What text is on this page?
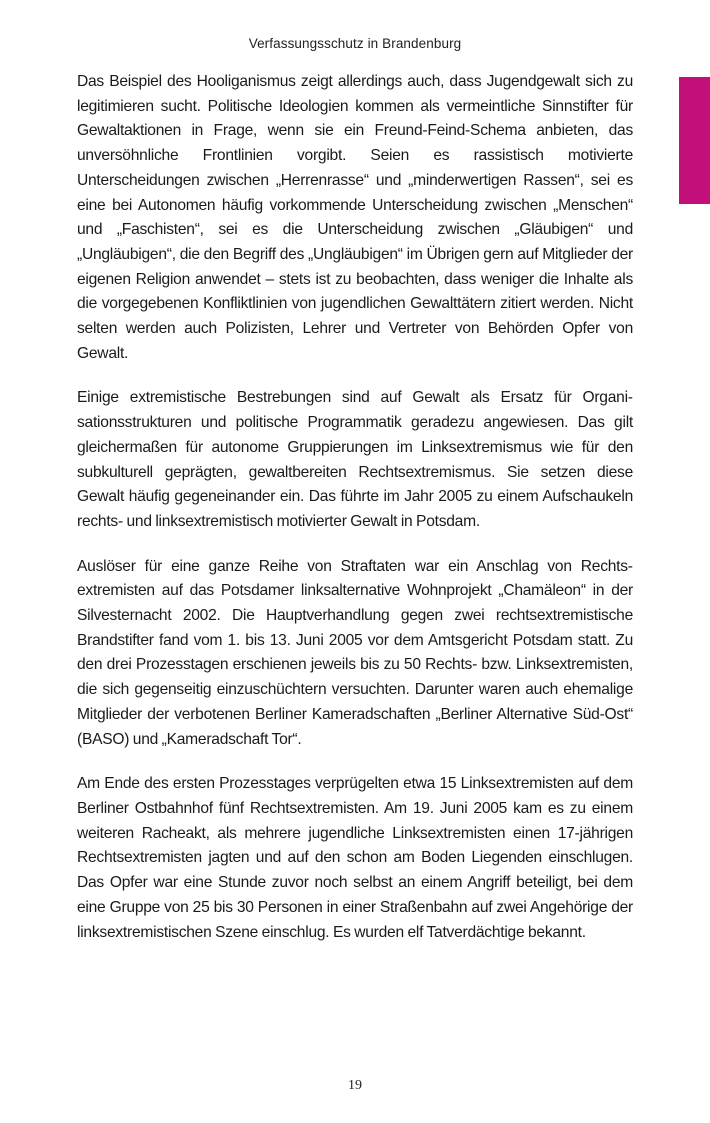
Verfassungsschutz in Brandenburg

Das Beispiel des Hooliganismus zeigt allerdings auch, dass Jugendgewalt sich zu legitimieren sucht. Politische Ideologien kommen als vermeintliche Sinnstifter für Gewaltaktionen in Frage, wenn sie ein Freund-Feind-Schema anbieten, das unversöhnliche Frontlinien vorgibt. Seien es rassistisch motivierte Unterscheidungen zwischen „Herrenrasse“ und „minderwertigen Rassen“, sei es eine bei Autonomen häufig vorkommende Unterscheidung zwischen „Menschen“ und „Faschisten“, sei es die Unterscheidung zwischen „Gläubigen“ und „Ungläubigen“, die den Begriff des „Ungläubigen“ im Übrigen gern auf Mitglieder der eigenen Religion anwendet – stets ist zu beobachten, dass weniger die Inhalte als die vorgegebenen Konfliktlinien von jugendlichen Gewalttätern zitiert werden. Nicht selten werden auch Polizisten, Lehrer und Vertreter von Behörden Opfer von Gewalt.

Einige extremistische Bestrebungen sind auf Gewalt als Ersatz für Organisationsstrukturen und politische Programmatik geradezu angewiesen. Das gilt gleichermaßen für autonome Gruppierungen im Linksextremismus wie für den subkulturell geprägten, gewaltbereiten Rechtsextremismus. Sie setzen diese Gewalt häufig gegeneinander ein. Das führte im Jahr 2005 zu einem Aufschaukeln rechts- und linksextremistisch motivierter Gewalt in Potsdam.

Auslöser für eine ganze Reihe von Straftaten war ein Anschlag von Rechtsextremisten auf das Potsdamer linksalternative Wohnprojekt „Chamäleon“ in der Silvesternacht 2002. Die Hauptverhandlung gegen zwei rechtsextremistische Brandstifter fand vom 1. bis 13. Juni 2005 vor dem Amtsgericht Potsdam statt. Zu den drei Prozesstagen erschienen jeweils bis zu 50 Rechts- bzw. Linksextremisten, die sich gegenseitig einzuschüchtern versuchten. Darunter waren auch ehemalige Mitglieder der verbotenen Berliner Kameradschaften „Berliner Alternative Süd-Ost“ (BASO) und „Kameradschaft Tor“.

Am Ende des ersten Prozesstages verprügelten etwa 15 Linksextremisten auf dem Berliner Ostbahnhof fünf Rechtsextremisten. Am 19. Juni 2005 kam es zu einem weiteren Racheakt, als mehrere jugendliche Linksextremisten einen 17-jährigen Rechtsextremisten jagten und auf den schon am Boden Liegenden einschlugen. Das Opfer war eine Stunde zuvor noch selbst an einem Angriff beteiligt, bei dem eine Gruppe von 25 bis 30 Personen in einer Straßenbahn auf zwei Angehörige der linksextremistischen Szene einschlug. Es wurden elf Tatverdächtige bekannt.

19
